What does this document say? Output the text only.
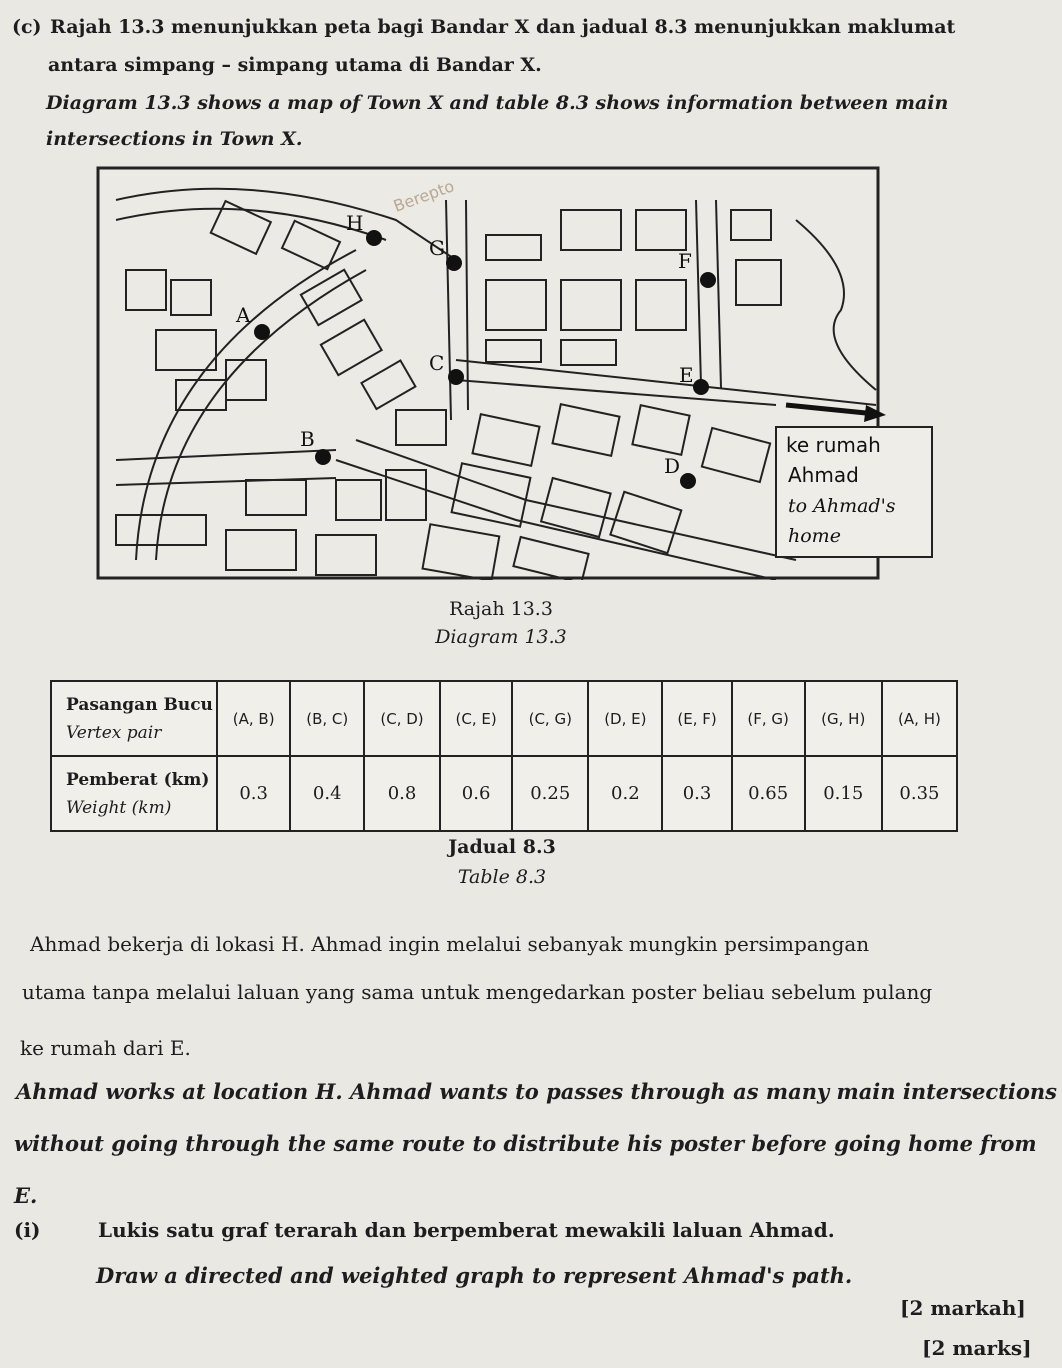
(c) Rajah 13.3 menunjukkan peta bagi Bandar X dan jadual 8.3 menunjukkan maklumat
antara simpang – simpang utama di Bandar X.
Diagram 13.3 shows a map of Town X and table 8.3 shows information between main
intersections in Town X.
H
G
F
A
C	E
B
D
ke rumah
Ahmad
to Ahmad's
home
Berepto
Rajah 13.3
Diagram 13.3
Pasangan Bucu
Vertex pair	(A, B)	(B, C)	(C, D)	(C, E)	(C, G)	(D, E)	(E, F)	(F, G)	(G, H)	(A, H)
Pemberat (km)
Weight (km)	0.3	0.4	0.8	0.6	0.25	0.2	0.3	0.65	0.15	0.35
Jadual 8.3
Table 8.3
Ahmad bekerja di lokasi H. Ahmad ingin melalui sebanyak mungkin persimpangan
utama tanpa melalui laluan yang sama untuk mengedarkan poster beliau sebelum pulang
ke rumah dari E.
Ahmad works at location H. Ahmad wants to passes through as many main intersections
without going through the same route to distribute his poster before going home from E.
(i)	Lukis satu graf terarah dan berpemberat mewakili laluan Ahmad.
Draw a directed and weighted graph to represent Ahmad's path.
[2 markah]
[2 marks]
